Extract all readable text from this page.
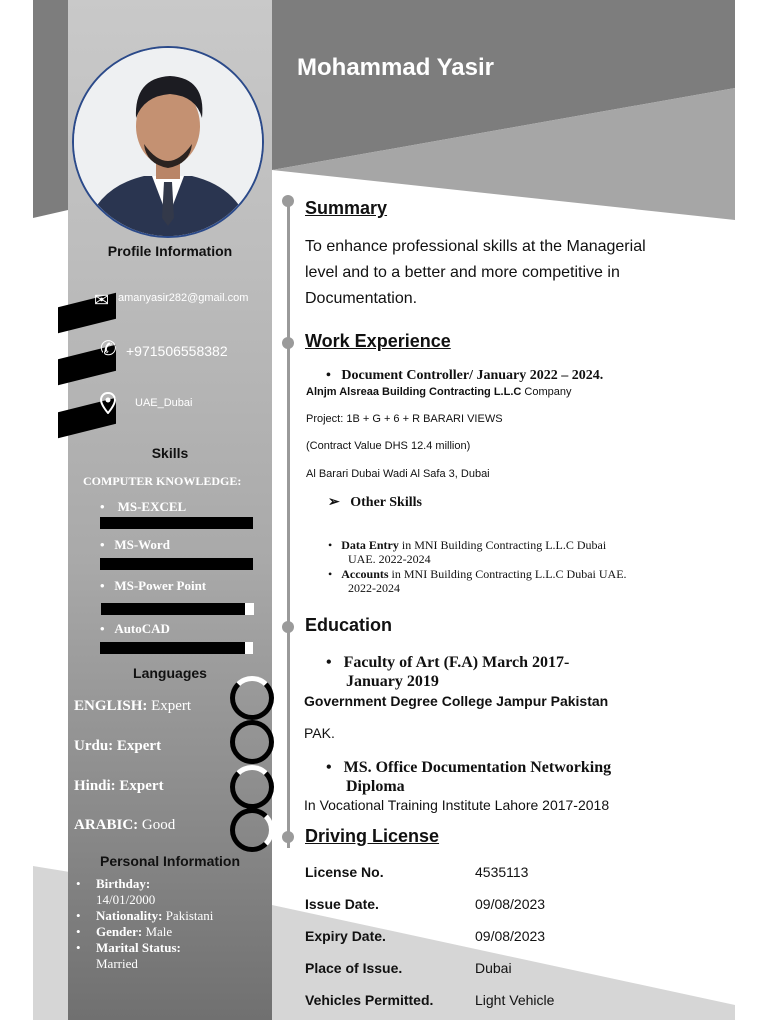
Profile Information
✉ amanyasir282@gmail.com
✆ +971506558382
UAE_Dubai
Skills
COMPUTER KNOWLEDGE:
•    MS-EXCEL
•   MS-Word
•   MS-Power Point
•   AutoCAD
Languages
ENGLISH: Expert
Urdu: Expert
Hindi: Expert
ARABIC: Good
Personal Information
• Birthday:
14/01/2000
• Nationality: Pakistani
• Gender: Male
• Marital Status:
Married
Mohammad Yasir
Summary
To enhance professional skills at the Managerial
level and to a better and more competitive in
Documentation.
Work Experience
•   Document Controller/ January 2022 – 2024.
Alnjm Alsreaa Building Contracting L.L.C Company
Project: 1B + G + 6 + R BARARI VIEWS
(Contract Value DHS 12.4 million)
Al Barari Dubai Wadi Al Safa 3, Dubai
➢   Other Skills
•   Data Entry in MNI Building Contracting L.L.C Dubai
UAE. 2022-2024
•   Accounts in MNI Building Contracting L.L.C Dubai UAE.
2022-2024
Education
•   Faculty of Art (F.A) March 2017-
January 2019
Government Degree College Jampur Pakistan
PAK.
•   MS. Office Documentation Networking
Diploma
In Vocational Training Institute Lahore 2017-2018
Driving License
License No.	4535113
Issue Date.	09/08/2023
Expiry Date.	09/08/2023
Place of Issue.	Dubai
Vehicles Permitted.	Light Vehicle
